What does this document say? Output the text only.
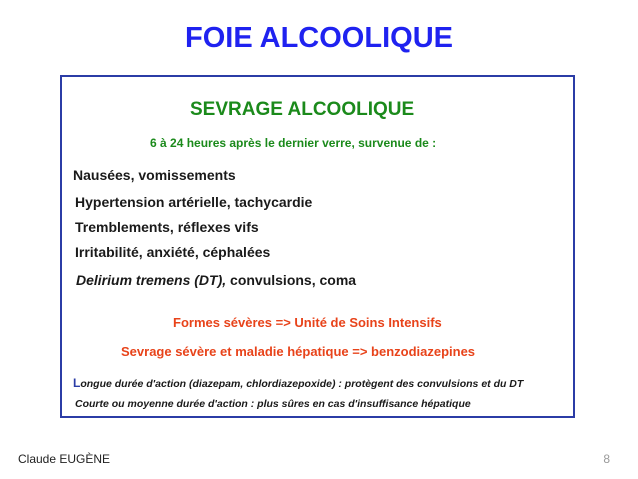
FOIE ALCOOLIQUE
SEVRAGE ALCOOLIQUE
6 à 24 heures après le dernier verre, survenue de :
Nausées, vomissements
Hypertension artérielle, tachycardie
Tremblements, réflexes vifs
Irritabilité, anxiété, céphalées
Delirium tremens (DT), convulsions, coma
Formes sévères => Unité de Soins Intensifs
Sevrage sévère et maladie hépatique => benzodiazepines
Longue durée d'action (diazepam, chlordiazepoxide) : protègent des convulsions et du DT
Courte ou moyenne durée d'action : plus sûres en cas d'insuffisance hépatique
Claude EUGÈNE	8
